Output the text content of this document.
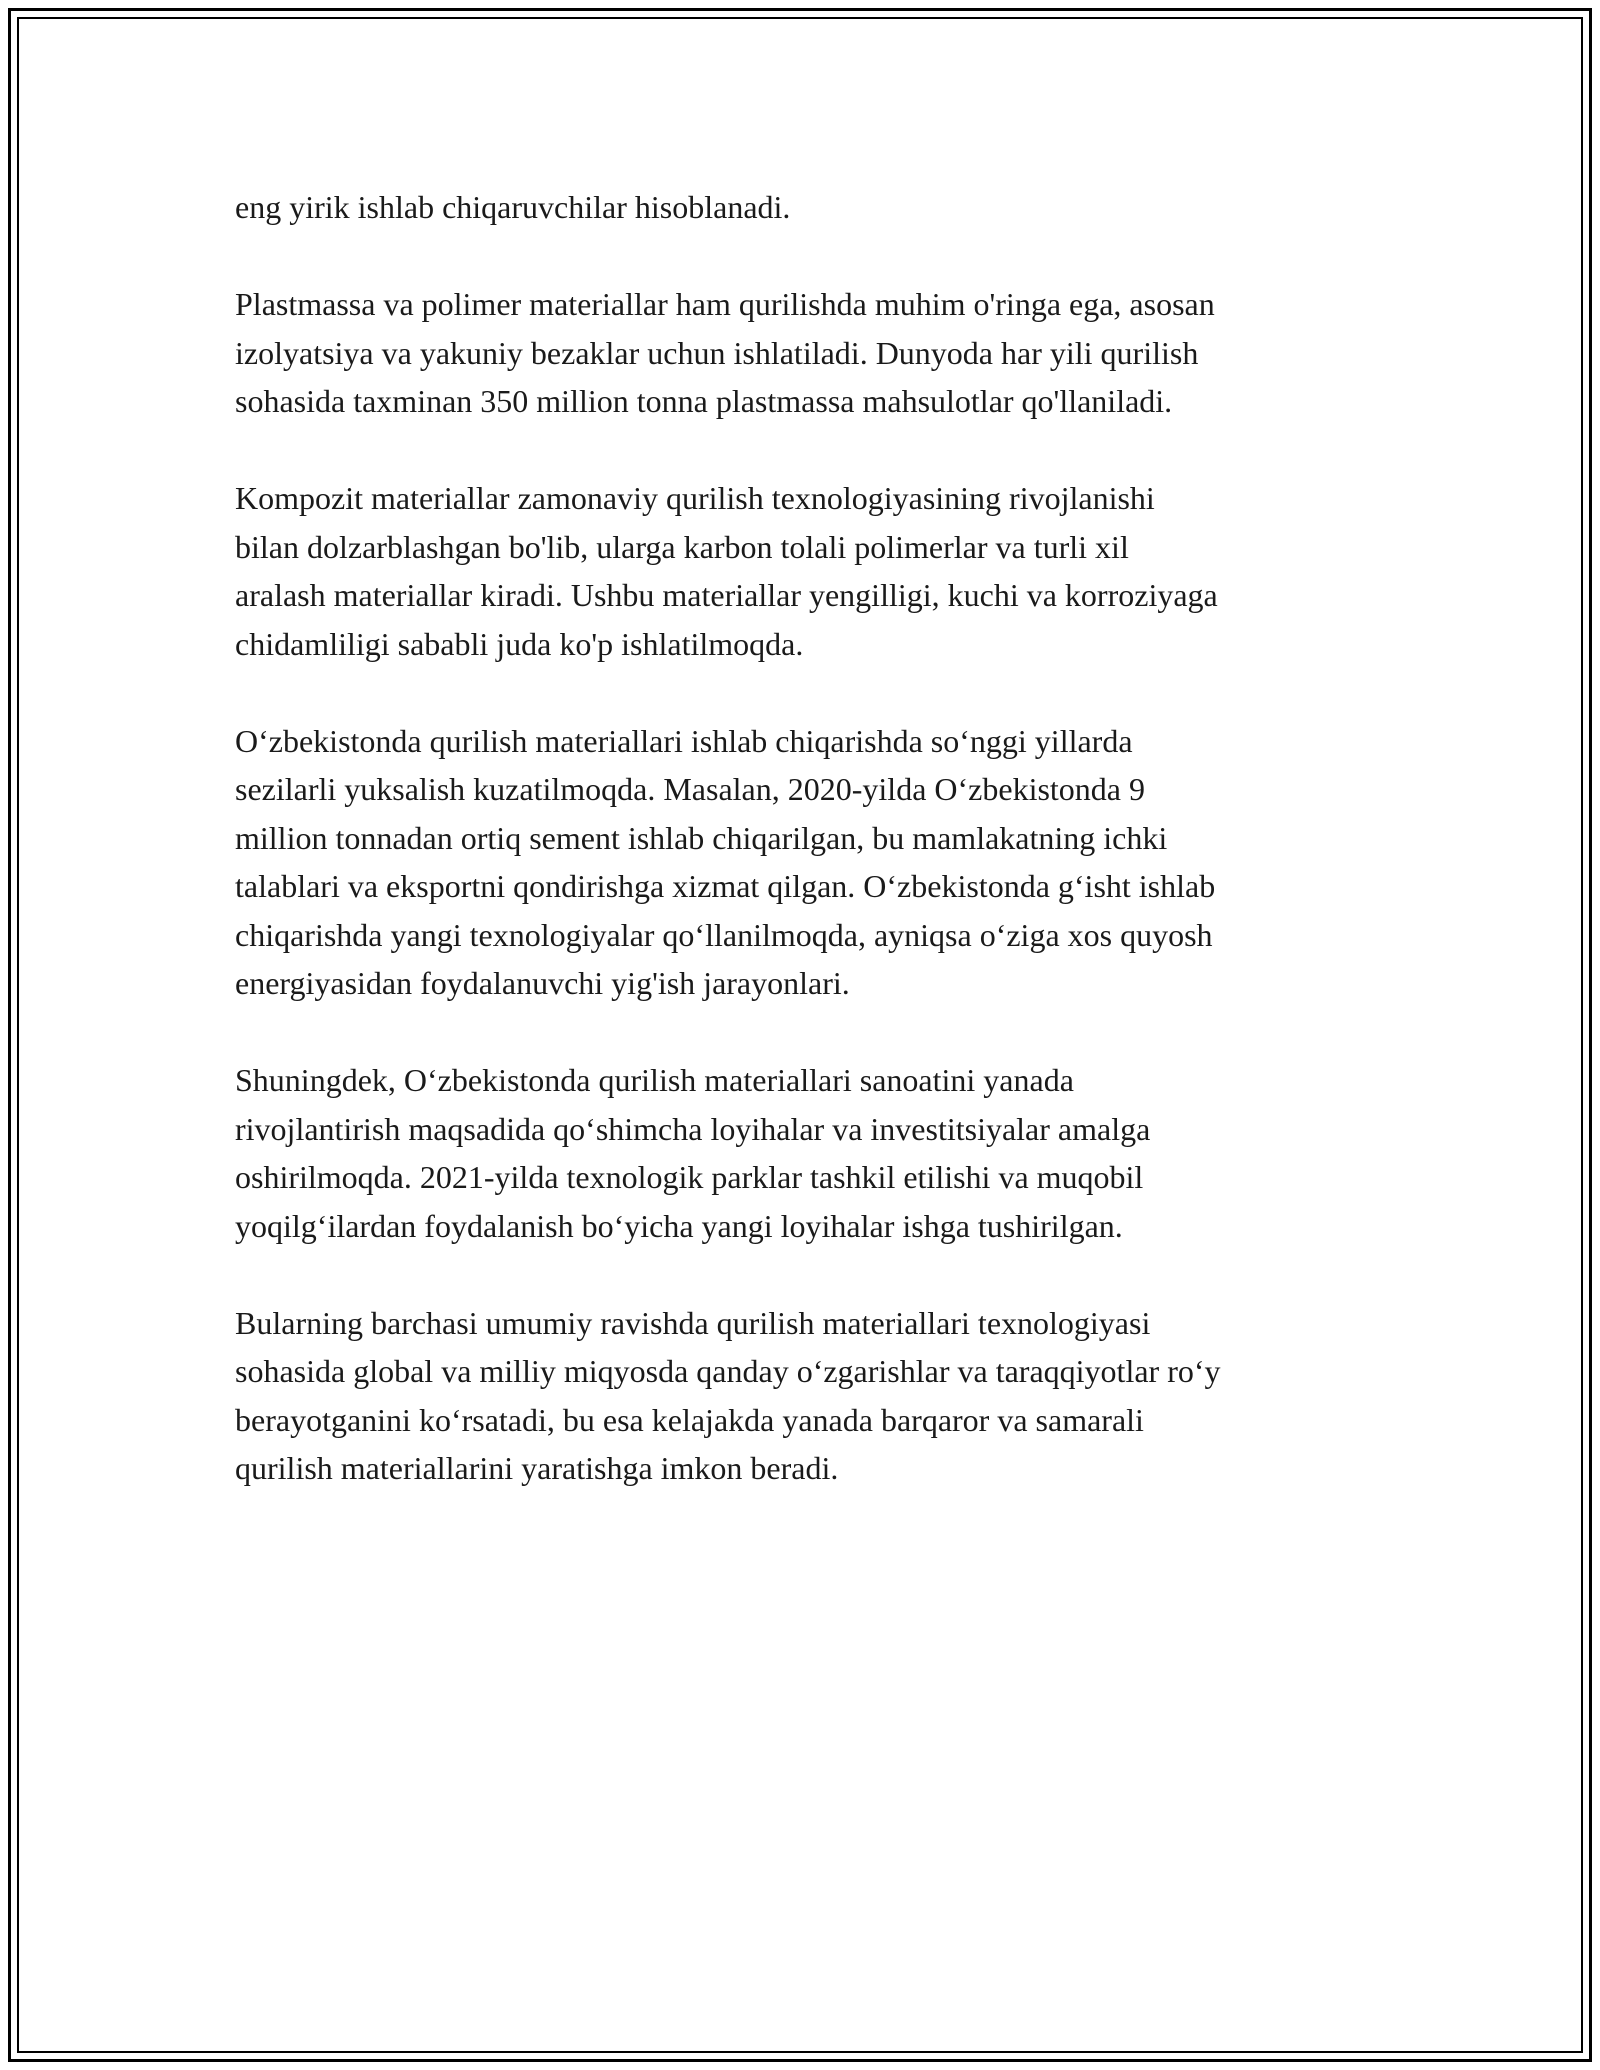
eng yirik ishlab chiqaruvchilar hisoblanadi.

Plastmassa va polimer materiallar ham qurilishda muhim o'ringa ega, asosan
izolyatsiya va yakuniy bezaklar uchun ishlatiladi. Dunyoda har yili qurilish
sohasida taxminan 350 million tonna plastmassa mahsulotlar qo'llaniladi.

Kompozit materiallar zamonaviy qurilish texnologiyasining rivojlanishi
bilan dolzarblashgan bo'lib, ularga karbon tolali polimerlar va turli xil
aralash materiallar kiradi. Ushbu materiallar yengilligi, kuchi va korroziyaga
chidamliligi sababli juda ko'p ishlatilmoqda.

O‘zbekistonda qurilish materiallari ishlab chiqarishda so‘nggi yillarda
sezilarli yuksalish kuzatilmoqda. Masalan, 2020-yilda O‘zbekistonda 9
million tonnadan ortiq sement ishlab chiqarilgan, bu mamlakatning ichki
talablari va eksportni qondirishga xizmat qilgan. O‘zbekistonda g‘isht ishlab
chiqarishda yangi texnologiyalar qo‘llanilmoqda, ayniqsa o‘ziga xos quyosh
energiyasidan foydalanuvchi yig'ish jarayonlari.

Shuningdek, O‘zbekistonda qurilish materiallari sanoatini yanada
rivojlantirish maqsadida qo‘shimcha loyihalar va investitsiyalar amalga
oshirilmoqda. 2021-yilda texnologik parklar tashkil etilishi va muqobil
yoqilg‘ilardan foydalanish bo‘yicha yangi loyihalar ishga tushirilgan.

Bularning barchasi umumiy ravishda qurilish materiallari texnologiyasi
sohasida global va milliy miqyosda qanday o‘zgarishlar va taraqqiyotlar ro‘y
berayotganini ko‘rsatadi, bu esa kelajakda yanada barqaror va samarali
qurilish materiallarini yaratishga imkon beradi.
